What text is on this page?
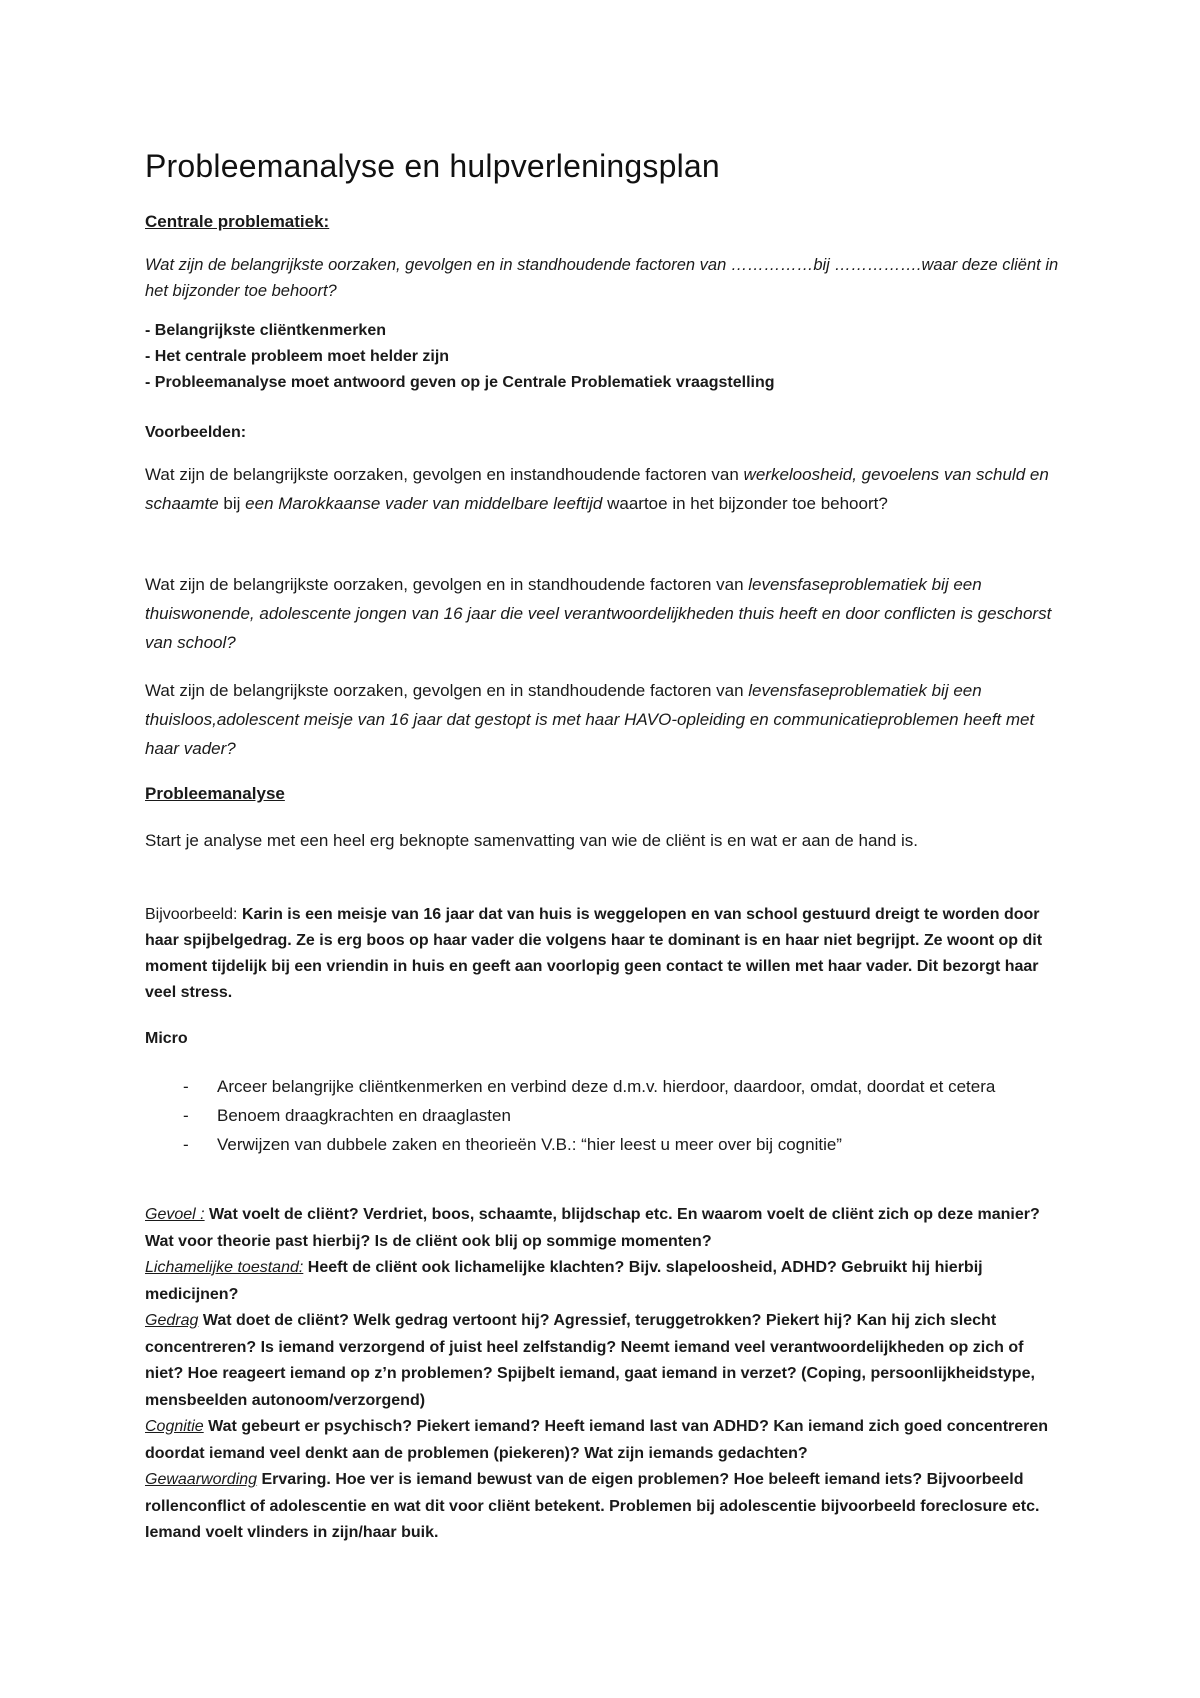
Probleemanalyse en hulpverleningsplan
Centrale problematiek:
Wat zijn de belangrijkste oorzaken, gevolgen en in standhoudende factoren van ……………bij …………….waar deze cliënt in het bijzonder toe behoort?
- Belangrijkste cliëntkenmerken
- Het centrale probleem moet helder zijn
- Probleemanalyse moet antwoord geven op je Centrale Problematiek vraagstelling
Voorbeelden:
Wat zijn de belangrijkste oorzaken, gevolgen en instandhoudende factoren van werkeloosheid, gevoelens van schuld en schaamte bij een Marokkaanse vader van middelbare leeftijd waartoe in het bijzonder toe behoort?
Wat zijn de belangrijkste oorzaken, gevolgen en in standhoudende factoren van levensfaseproblematiek bij een thuiswonende, adolescente jongen van 16 jaar die veel verantwoordelijkheden thuis heeft en door conflicten is geschorst van school?
Wat zijn de belangrijkste oorzaken, gevolgen en in standhoudende factoren van levensfaseproblematiek bij een thuisloos,adolescent meisje van 16 jaar dat gestopt is met haar HAVO-opleiding en communicatieproblemen heeft met haar vader?
Probleemanalyse
Start je analyse met een heel erg beknopte samenvatting van wie de cliënt is en wat er aan de hand is.
Bijvoorbeeld: Karin is een meisje van 16 jaar dat van huis is weggelopen en van school gestuurd dreigt te worden door haar spijbelgedrag. Ze is erg boos op haar vader die volgens haar te dominant is en haar niet begrijpt. Ze woont op dit moment tijdelijk bij een vriendin in huis en geeft aan voorlopig geen contact te willen met haar vader. Dit bezorgt haar veel stress.
Micro
- Arceer belangrijke cliëntkenmerken en verbind deze d.m.v. hierdoor, daardoor, omdat, doordat et cetera
- Benoem draagkrachten en draaglasten
- Verwijzen van dubbele zaken en theorieën V.B.: “hier leest u meer over bij cognitie”
Gevoel : Wat voelt de cliënt? Verdriet, boos, schaamte, blijdschap etc. En waarom voelt de cliënt zich op deze manier? Wat voor theorie past hierbij? Is de cliënt ook blij op sommige momenten?
Lichamelijke toestand: Heeft de cliënt ook lichamelijke klachten? Bijv. slapeloosheid, ADHD? Gebruikt hij hierbij medicijnen?
Gedrag Wat doet de cliënt? Welk gedrag vertoont hij? Agressief, teruggetrokken? Piekert hij? Kan hij zich slecht concentreren? Is iemand verzorgend of juist heel zelfstandig? Neemt iemand veel verantwoordelijkheden op zich of niet? Hoe reageert iemand op z’n problemen? Spijbelt iemand, gaat iemand in verzet? (Coping, persoonlijkheidstype, mensbeelden autonoom/verzorgend)
Cognitie Wat gebeurt er psychisch? Piekert iemand? Heeft iemand last van ADHD? Kan iemand zich goed concentreren doordat iemand veel denkt aan de problemen (piekeren)? Wat zijn iemands gedachten?
Gewaarwording Ervaring. Hoe ver is iemand bewust van de eigen problemen? Hoe beleeft iemand iets? Bijvoorbeeld rollenconflict of adolescentie en wat dit voor cliënt betekent. Problemen bij adolescentie bijvoorbeeld foreclosure etc. Iemand voelt vlinders in zijn/haar buik.
